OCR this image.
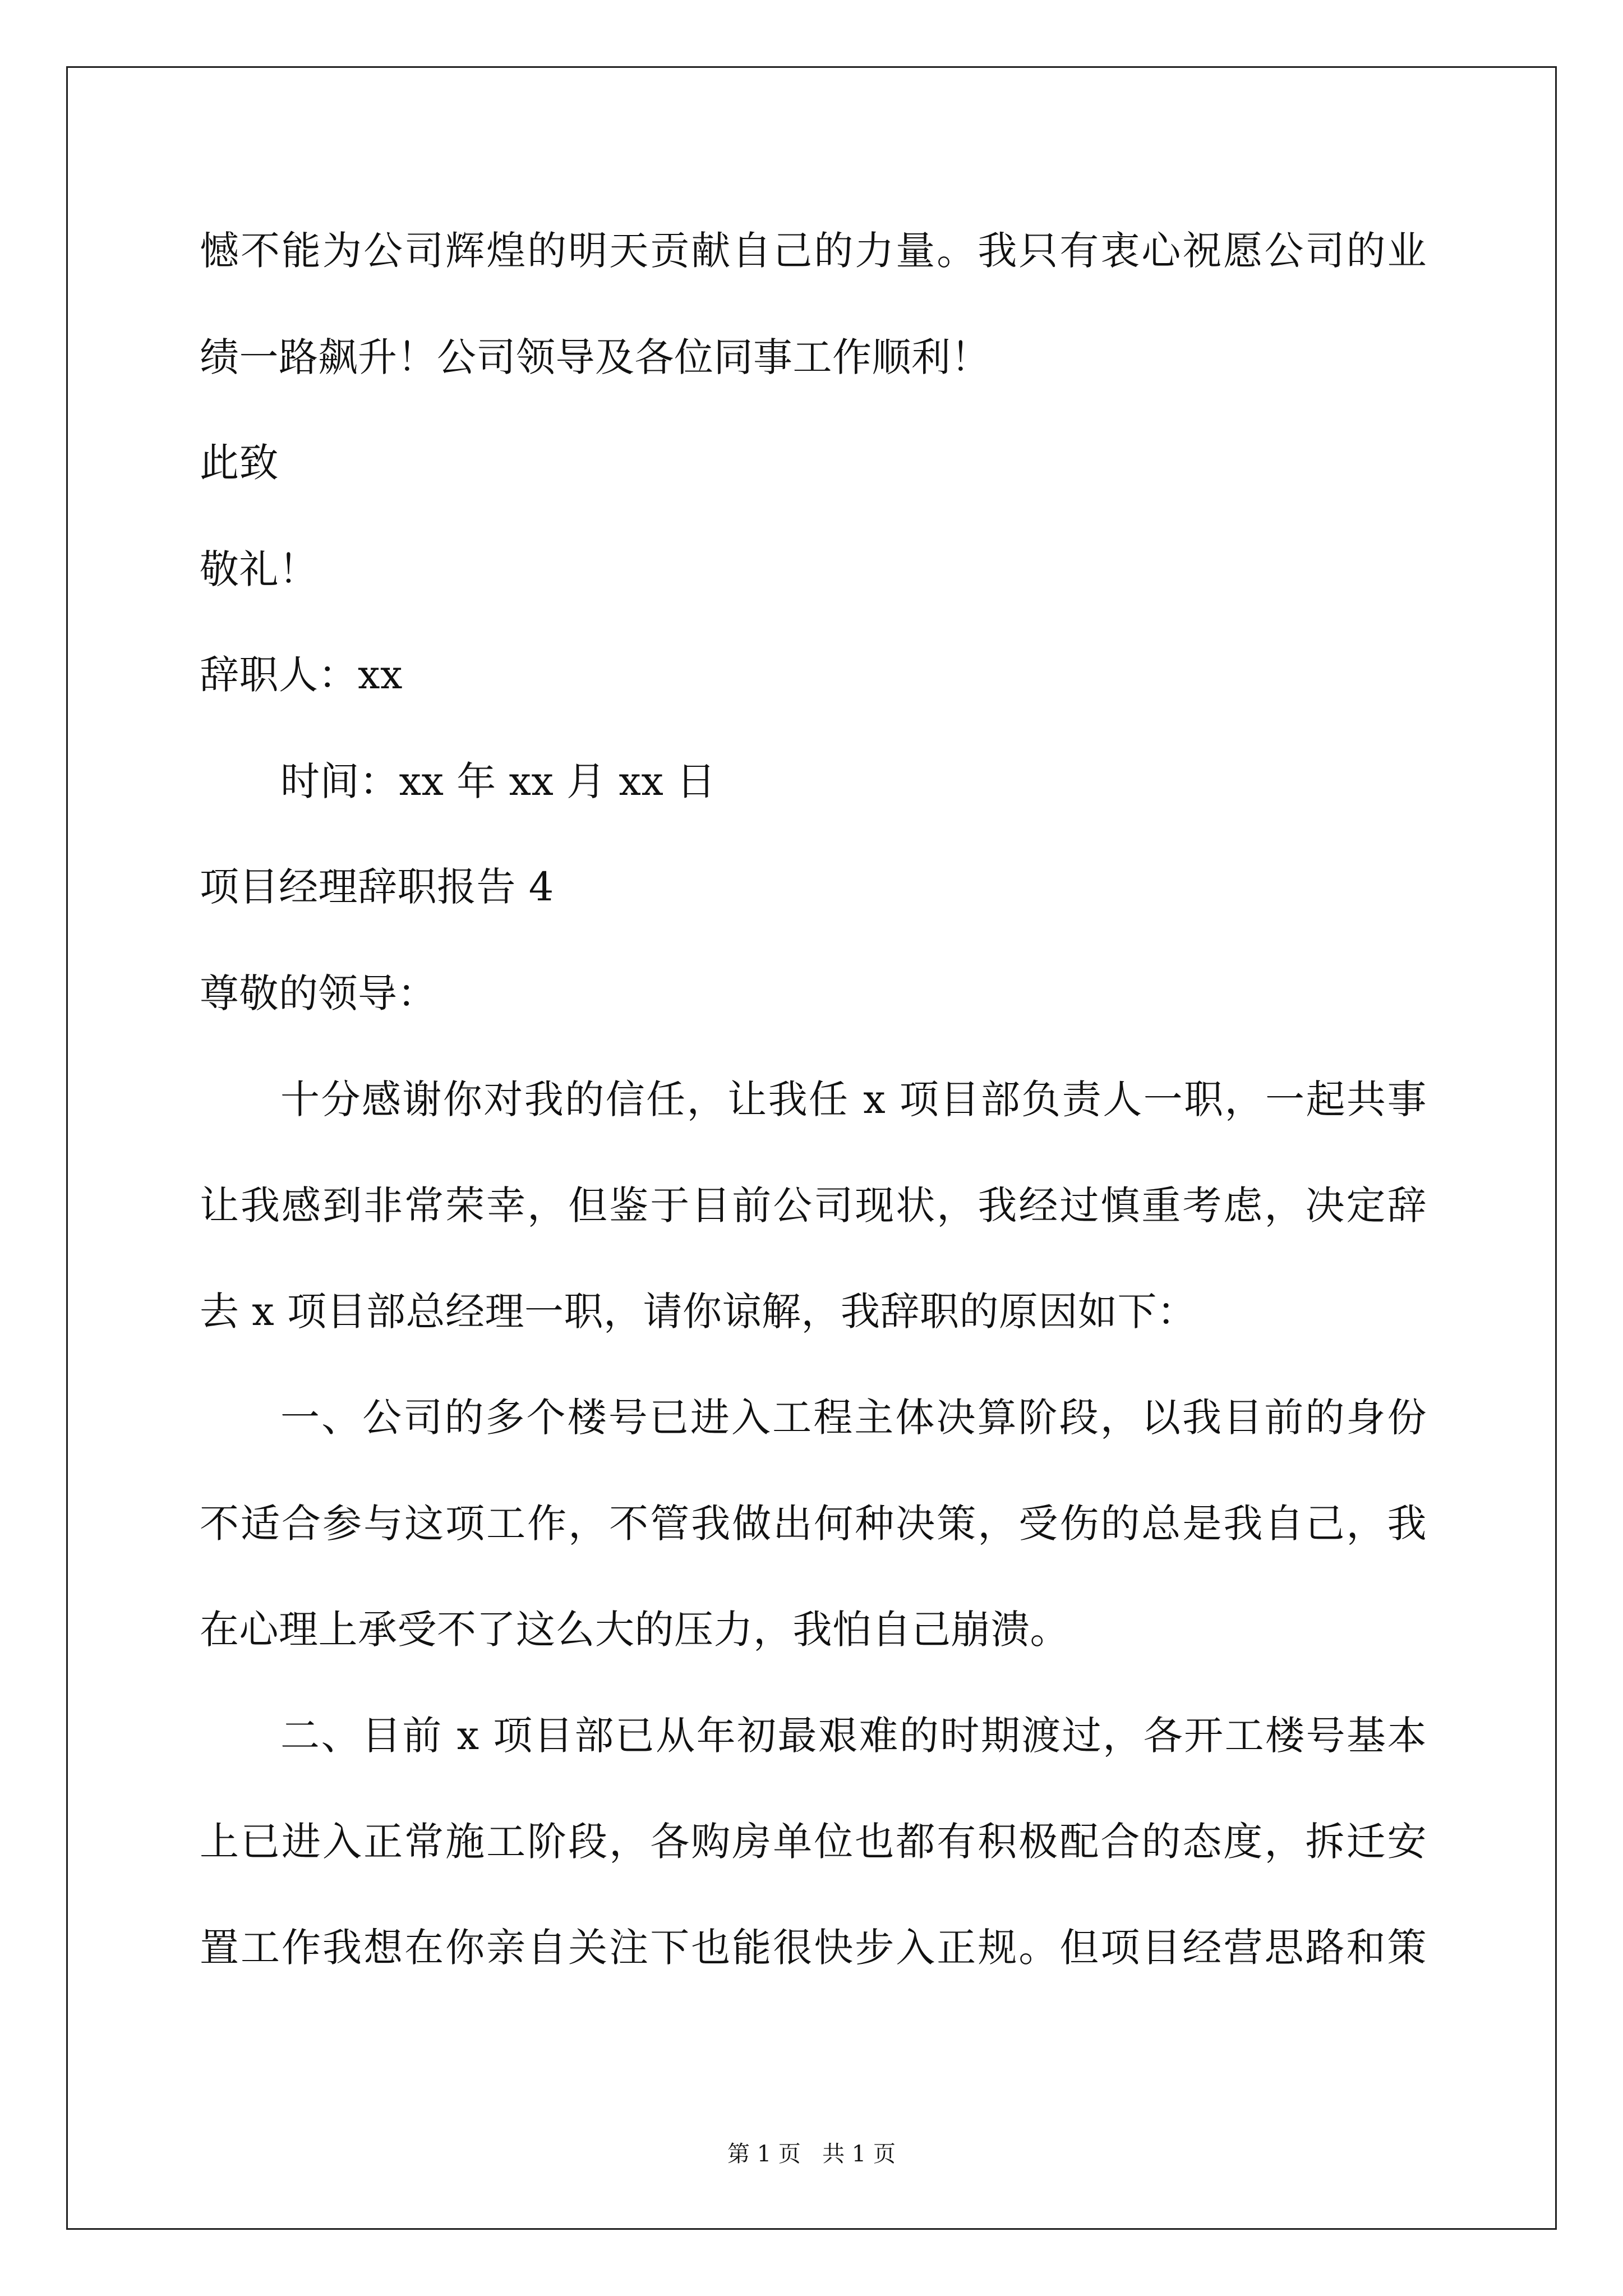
憾不能为公司辉煌的明天贡献自己的力量。我只有衷心祝愿公司的业
绩一路飙升！公司领导及各位同事工作顺利！
此致
敬礼！
辞职人：xx
时间：xx 年 xx 月 xx 日
项目经理辞职报告 4
尊敬的领导：
十分感谢你对我的信任，让我任 x 项目部负责人一职，一起共事
让我感到非常荣幸，但鉴于目前公司现状，我经过慎重考虑，决定辞
去 x 项目部总经理一职，请你谅解，我辞职的原因如下：
一、公司的多个楼号已进入工程主体决算阶段，以我目前的身份
不适合参与这项工作，不管我做出何种决策，受伤的总是我自己，我
在心理上承受不了这么大的压力，我怕自己崩溃。
二、目前 x 项目部已从年初最艰难的时期渡过，各开工楼号基本
上已进入正常施工阶段，各购房单位也都有积极配合的态度，拆迁安
置工作我想在你亲自关注下也能很快步入正规。但项目经营思路和策
第 1 页   共 1 页
